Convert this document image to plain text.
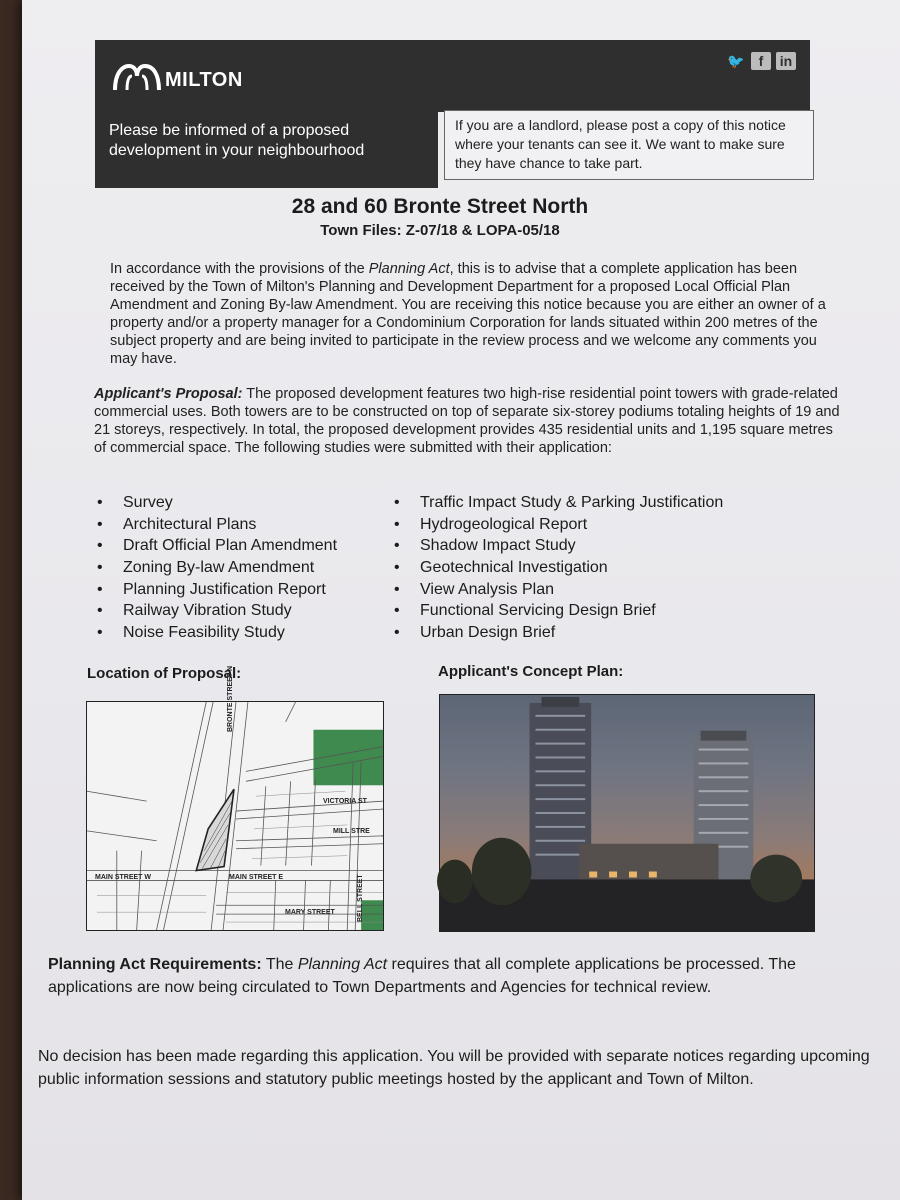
MILTON
🐦 f	in
Please be informed of a proposed development in your neighbourhood
If you are a landlord, please post a copy of this notice where your tenants can see it. We want to make sure they have chance to take part.
28 and 60 Bronte Street North
Town Files: Z-07/18 & LOPA-05/18

In accordance with the provisions of the Planning Act, this is to advise that a complete application has been received by the Town of Milton's Planning and Development Department for a proposed Local Official Plan Amendment and Zoning By-law Amendment. You are receiving this notice because you are either an owner of a property and/or a property manager for a Condominium Corporation for lands situated within 200 metres of the subject property and are being invited to participate in the review process and we welcome any comments you may have.

Applicant's Proposal: The proposed development features two high-rise residential point towers with grade-related commercial uses. Both towers are to be constructed on top of separate six-storey podiums totaling heights of 19 and 21 storeys, respectively. In total, the proposed development provides 435 residential units and 1,195 square metres of commercial space. The following studies were submitted with their application:

• Survey
• Architectural Plans
• Draft Official Plan Amendment
• Zoning By-law Amendment
• Planning Justification Report
• Railway Vibration Study
• Noise Feasibility Study
• Traffic Impact Study & Parking Justification
• Hydrogeological Report
• Shadow Impact Study
• Geotechnical Investigation
• View Analysis Plan
• Functional Servicing Design Brief
• Urban Design Brief
Location of Proposal:	Applicant's Concept Plan:
BRONTE STREET N
VICTORIA ST
MILL STRE
MAIN STREET W	MAIN STREET E
MARY STREET	BELL STREET

Planning Act Requirements: The Planning Act requires that all complete applications be processed. The applications are now being circulated to Town Departments and Agencies for technical review.

No decision has been made regarding this application. You will be provided with separate notices regarding upcoming public information sessions and statutory public meetings hosted by the applicant and Town of Milton.
